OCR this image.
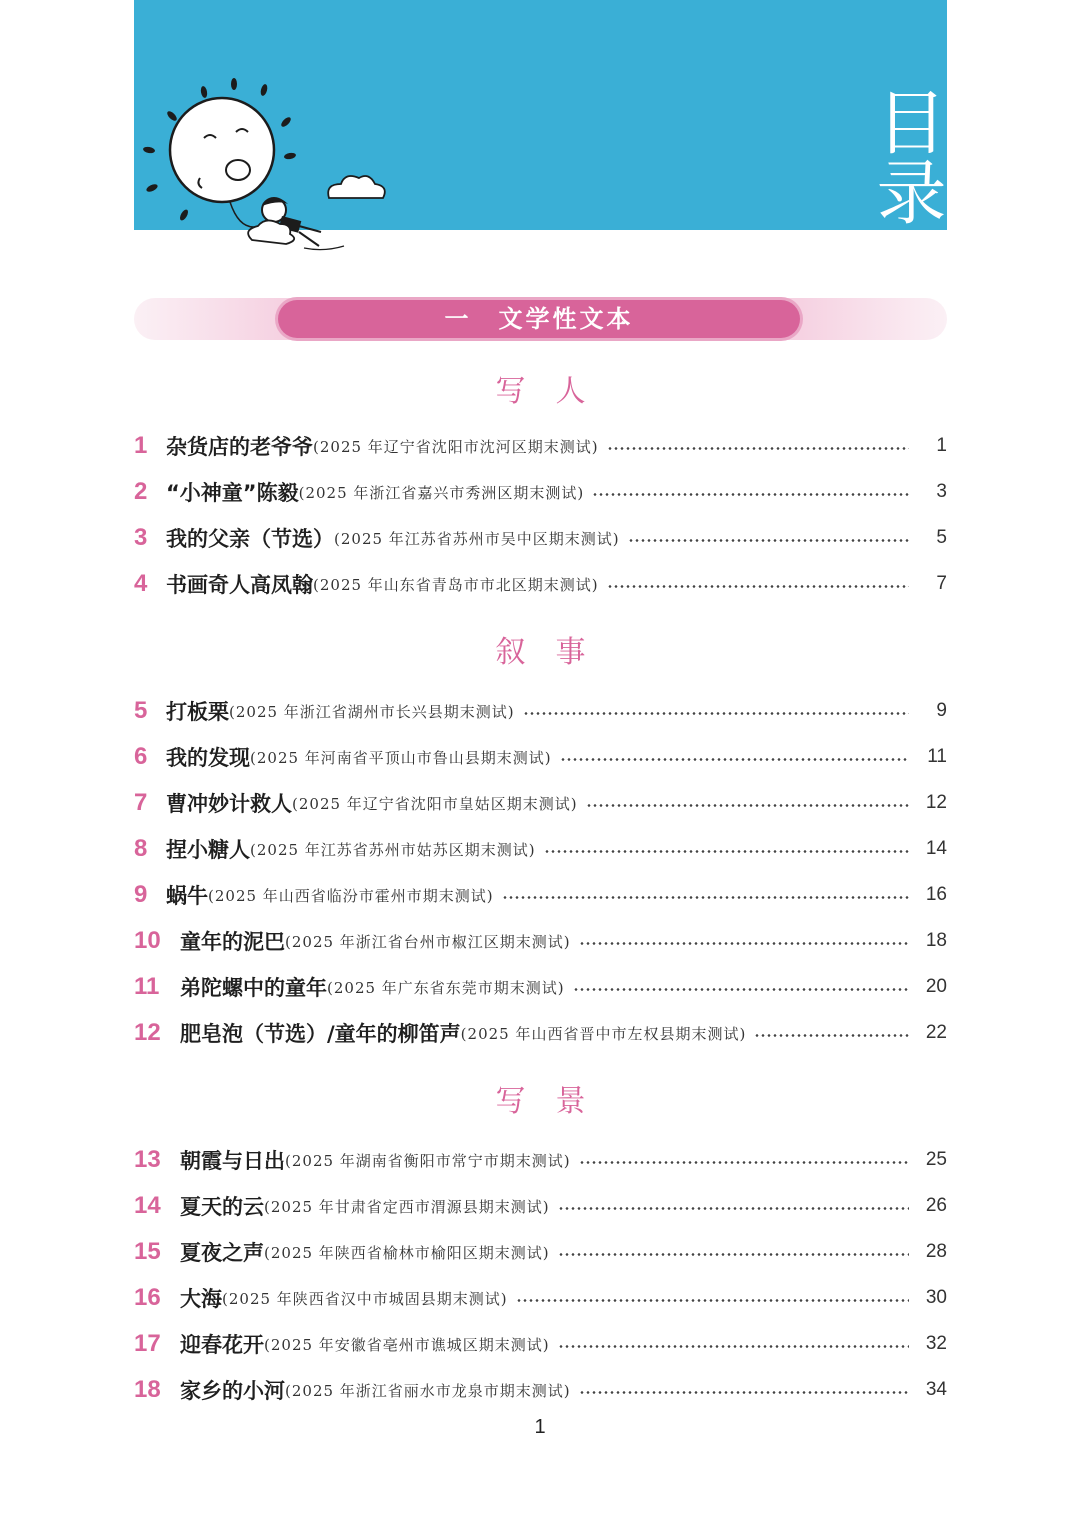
目录
一　文学性文本
写　人
叙　事
写　景
1 杂货店的老爷爷 (2025 年辽宁省沈阳市沈河区期末测试)	1
2 “小神童”陈毅 (2025 年浙江省嘉兴市秀洲区期末测试)	3
3 我的父亲（节选） (2025 年江苏省苏州市吴中区期末测试)	5
4 书画奇人高凤翰 (2025 年山东省青岛市市北区期末测试)	7
5 打板栗 (2025 年浙江省湖州市长兴县期末测试)	9
6 我的发现 (2025 年河南省平顶山市鲁山县期末测试)	11
7 曹冲妙计救人 (2025 年辽宁省沈阳市皇姑区期末测试)	12
8 捏小糖人 (2025 年江苏省苏州市姑苏区期末测试)	14
9 蜗牛 (2025 年山西省临汾市霍州市期末测试)	16
10 童年的泥巴 (2025 年浙江省台州市椒江区期末测试)	18
11 弟陀螺中的童年 (2025 年广东省东莞市期末测试)	20
12 肥皂泡（节选）/童年的柳笛声 (2025 年山西省晋中市左权县期末测试)	22
13 朝霞与日出 (2025 年湖南省衡阳市常宁市期末测试)	25
14 夏天的云 (2025 年甘肃省定西市渭源县期末测试)	26
15 夏夜之声 (2025 年陕西省榆林市榆阳区期末测试)	28
16 大海 (2025 年陕西省汉中市城固县期末测试)	30
17 迎春花开 (2025 年安徽省亳州市谯城区期末测试)	32
18 家乡的小河 (2025 年浙江省丽水市龙泉市期末测试)	34
1
